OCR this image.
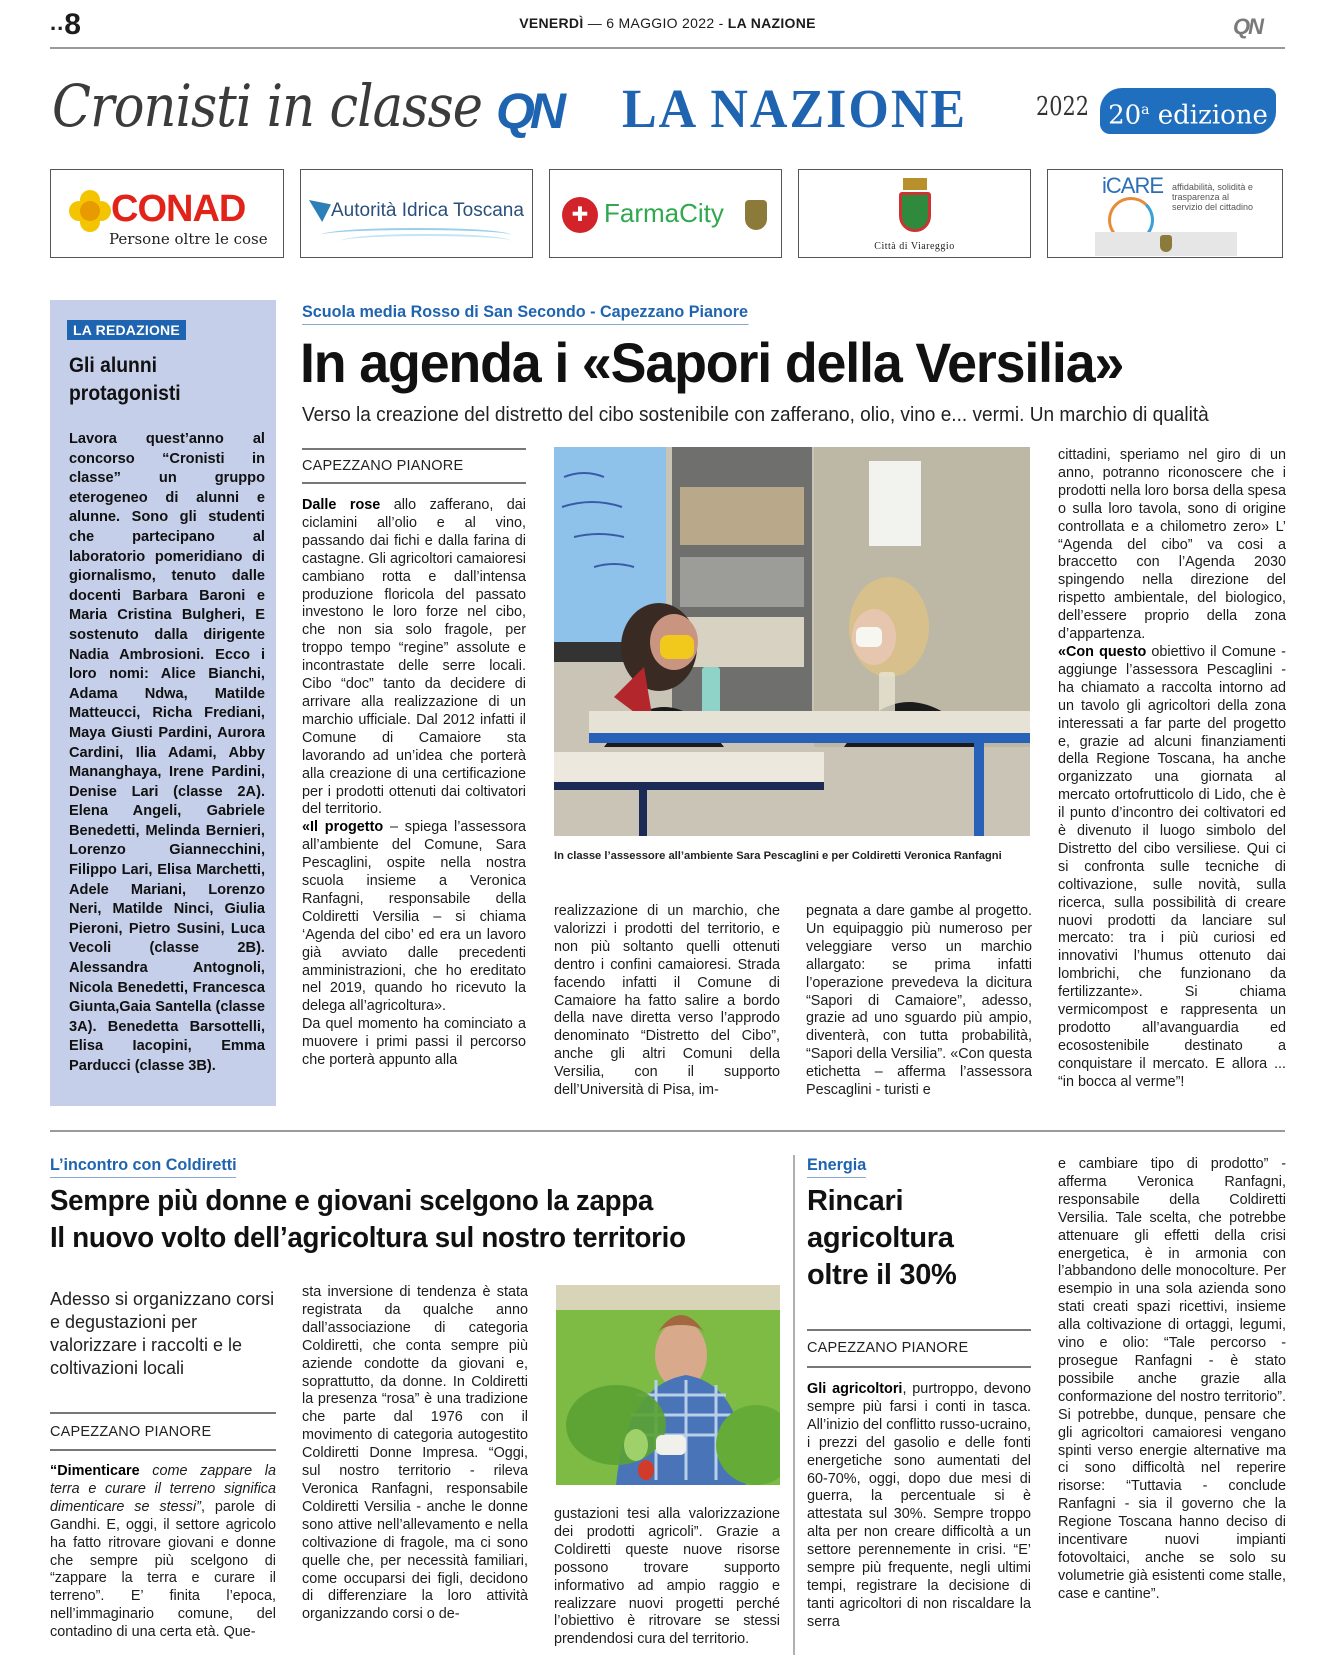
..8	VENERDÌ — 6 MAGGIO 2022 - LA NAZIONE	QN
Cronisti in classe QN LA NAZIONE	2022 20$^a$ edizione
CONAD
Persone oltre le cose
Autorità Idrica Toscana	✚ FarmaCity
Città di Viareggio
iCARE affidabilità, solidità e trasparenza al servizio del cittadino
LA REDAZIONE
Gli alunni protagonisti
Lavora quest’anno al concorso “Cronisti in classe” un gruppo eterogeneo di alunni e alunne. Sono gli studenti che partecipano al laboratorio pomeridiano di giornalismo, tenuto dalle docenti Barbara Baroni e Maria Cristina Bulgheri, E sostenuto dalla dirigente Nadia Ambrosioni. Ecco i loro nomi: Alice Bianchi, Adama Ndwa, Matilde Matteucci, Richa Frediani, Maya Giusti Pardini, Aurora Cardini, Ilia Adami, Abby Mananghaya, Irene Pardini, Denise Lari (classe 2A). Elena Angeli, Gabriele Benedetti, Melinda Bernieri, Lorenzo Giannecchini, Filippo Lari, Elisa Marchetti, Adele Mariani, Lorenzo Neri, Matilde Ninci, Giulia Pieroni, Pietro Susini, Luca Vecoli (classe 2B). Alessandra Antognoli, Nicola Benedetti, Francesca Giunta,Gaia Santella (classe 3A). Benedetta Barsottelli, Elisa Iacopini, Emma Parducci (classe 3B).
Scuola media Rosso di San Secondo - Capezzano Pianore
In agenda i «Sapori della Versilia»
Verso la creazione del distretto del cibo sostenibile con zafferano, olio, vino e... vermi. Un marchio di qualità
CAPEZZANO PIANORE

Dalle rose allo zafferano, dai ciclamini all’olio e al vino, passando dai fichi e dalla farina di castagne. Gli agricoltori camaioresi cambiano rotta e dall’intensa produzione floricola del passato investono le loro forze nel cibo, che non sia solo fragole, per troppo tempo “regine” assolute e incontrastate delle serre locali. Cibo “doc” tanto da decidere di arrivare alla realizzazione di un marchio ufficiale. Dal 2012 infatti il Comune di Camaiore sta lavorando ad un’idea che porterà alla creazione di una certificazione per i prodotti ottenuti dai coltivatori del territorio.

«Il progetto – spiega l’assessora all’ambiente del Comune, Sara Pescaglini, ospite nella nostra scuola insieme a Veronica Ranfagni, responsabile della Coldiretti Versilia – si chiama ‘Agenda del cibo’ ed era un lavoro già avviato dalle precedenti amministrazioni, che ho ereditato nel 2019, quando ho ricevuto la delega all’agricoltura».

Da quel momento ha cominciato a muovere i primi passi il percorso che porterà appunto alla

In classe l’assessore all’ambiente Sara Pescaglini e per Coldiretti Veronica Ranfagni
realizzazione di un marchio, che valorizzi i prodotti del territorio, e non più soltanto quelli ottenuti dentro i confini camaioresi. Strada facendo infatti il Comune di Camaiore ha fatto salire a bordo della nave diretta verso l’approdo denominato “Distretto del Cibo”, anche gli altri Comuni della Versilia, con il supporto dell’Università di Pisa, im-
pegnata a dare gambe al progetto. Un equipaggio più numeroso per veleggiare verso un marchio allargato: se prima infatti l’operazione prevedeva la dicitura “Sapori di Camaiore”, adesso, grazie ad uno sguardo più ampio, diventerà, con tutta probabilità, “Sapori della Versilia”. «Con questa etichetta – afferma l’assessora Pescaglini - turisti e

cittadini, speriamo nel giro di un anno, potranno riconoscere che i prodotti nella loro borsa della spesa o sulla loro tavola, sono di origine controllata e a chilometro zero» L’ “Agenda del cibo” va cosi a braccetto con l’Agenda 2030 spingendo nella direzione del rispetto ambientale, del biologico, dell’essere proprio della zona d’appartenza.

«Con questo obiettivo il Comune - aggiunge l’assessora Pescaglini - ha chiamato a raccolta intorno ad un tavolo gli agricoltori della zona interessati a far parte del progetto e, grazie ad alcuni finanziamenti della Regione Toscana, ha anche organizzato una giornata al mercato ortofrutticolo di Lido, che è il punto d’incontro dei coltivatori ed è divenuto il luogo simbolo del Distretto del cibo versiliese. Qui ci si confronta sulle tecniche di coltivazione, sulle novità, sulla ricerca, sulla possibilità di creare nuovi prodotti da lanciare sul mercato: tra i più curiosi ed innovativi l’humus ottenuto dai lombrichi, che funzionano da fertilizzante». Si chiama vermicompost e rappresenta un prodotto all’avanguardia ed ecosostenibile destinato a conquistare il mercato. E allora ... “in bocca al verme”!

L’incontro con Coldiretti
Sempre più donne e giovani scelgono la zappa
Il nuovo volto dell’agricoltura sul nostro territorio
Adesso si organizzano corsi e degustazioni per valorizzare i raccolti e le coltivazioni locali
CAPEZZANO PIANORE
“Dimenticare come zappare la terra e curare il terreno significa dimenticare se stessi”, parole di Gandhi. E, oggi, il settore agricolo ha fatto ritrovare giovani e donne che sempre più scelgono di “zappare la terra e curare il terreno”. E’ finita l’epoca, nell’immaginario comune, del contadino di una certa età. Que-
sta inversione di tendenza è stata registrata da qualche anno dall’associazione di categoria Coldiretti, che conta sempre più aziende condotte da giovani e, soprattutto, da donne. In Coldiretti la presenza “rosa” è una tradizione che parte dal 1976 con il movimento di categoria autogestito Coldiretti Donne Impresa. “Oggi, sul nostro territorio - rileva Veronica Ranfagni, responsabile Coldiretti Versilia - anche le donne sono attive nell’allevamento e nella coltivazione di fragole, ma ci sono quelle che, per necessità familiari, come occuparsi dei figli, decidono di differenziare la loro attività organizzando corsi o de-
gustazioni tesi alla valorizzazione dei prodotti agricoli”. Grazie a Coldiretti queste nuove risorse possono trovare supporto informativo ad ampio raggio e realizzare nuovi progetti perché l’obiettivo è ritrovare se stessi prendendosi cura del territorio.
Energia
Rincari agricoltura oltre il 30%
CAPEZZANO PIANORE
Gli agricoltori, purtroppo, devono sempre più farsi i conti in tasca. All’inizio del conflitto russo-ucraino, i prezzi del gasolio e delle fonti energetiche sono aumentati del 60-70%, oggi, dopo due mesi di guerra, la percentuale si è attestata sul 30%. Sempre troppo alta per non creare difficoltà a un settore perennemente in crisi. “E’ sempre più frequente, negli ultimi tempi, registrare la decisione di tanti agricoltori di non riscaldare la serra
e cambiare tipo di prodotto” - afferma Veronica Ranfagni, responsabile della Coldiretti Versilia. Tale scelta, che potrebbe attenuare gli effetti della crisi energetica, è in armonia con l’abbandono delle monocolture. Per esempio in una sola azienda sono stati creati spazi ricettivi, insieme alla coltivazione di ortaggi, legumi, vino e olio: “Tale percorso - prosegue Ranfagni - è stato possibile anche grazie alla conformazione del nostro territorio”. Si potrebbe, dunque, pensare che gli agricoltori camaioresi vengano spinti verso energie alternative ma ci sono difficoltà nel reperire risorse: “Tuttavia - conclude Ranfagni - sia il governo che la Regione Toscana hanno deciso di incentivare nuovi impianti fotovoltaici, anche se solo su volumetrie già esistenti come stalle, case e cantine”.
